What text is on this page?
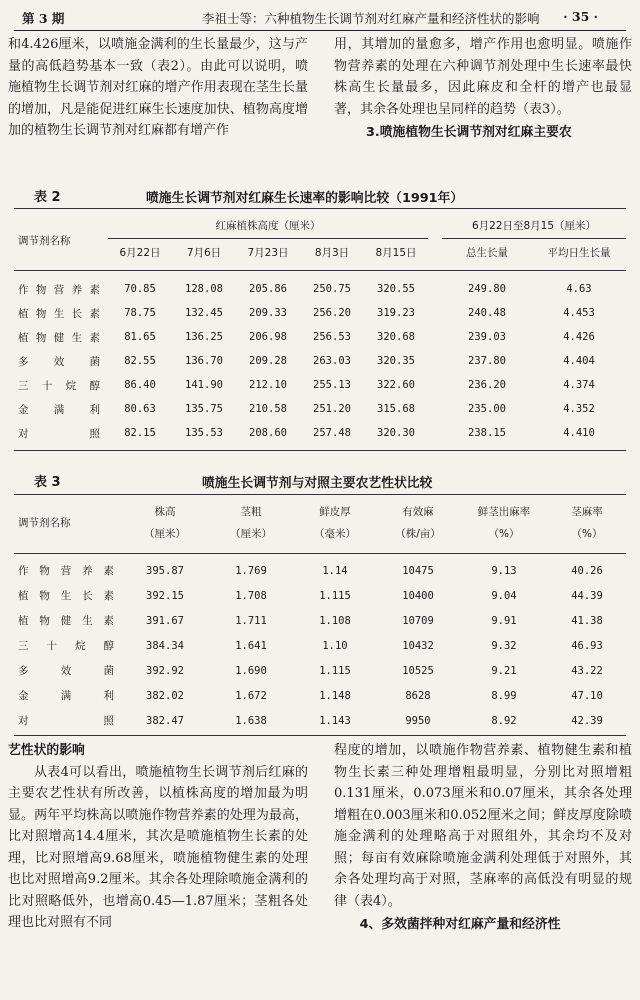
第 3 期	李祖士等：六种植物生长调节剂对红麻产量和经济性状的影响 · 35 ·

和4.426厘米，以喷施金满利的生长量最少，这与产量的高低趋势基本一致（表2）。由此可以说明，喷施植物生长调节剂对红麻的增产作用表现在茎生长量的增加，凡是能促进红麻生长速度加快、植物高度增加的植物生长调节剂对红麻都有增产作

用，其增加的量愈多，增产作用也愈明显。喷施作物营养素的处理在六种调节剂处理中生长速率最快株高生长量最多，因此麻皮和全杆的增产也最显著，其余各处理也呈同样的趋势（表3）。

3.喷施植物生长调节剂对红麻主要农

表 2	喷施生长调节剂对红麻生长速率的影响比较（1991年）
调节剂名称	红麻植株高度（厘米）						6月22日至8月15（厘米）	
	6月22日	7月6日	7月23日	8月3日	8月15日		总生长量	平均日生长量
作物营养素	70.85	128.08	205.86	250.75	320.55		249.80	4.63
植物生长素	78.75	132.45	209.33	256.20	319.23		240.48	4.453
植物健生素	81.65	136.25	206.98	256.53	320.68		239.03	4.426
多效菌	82.55	136.70	209.28	263.03	320.35		237.80	4.404
三十烷醇	86.40	141.90	212.10	255.13	322.60		236.20	4.374
金满利	80.63	135.75	210.58	251.20	315.68		235.00	4.352
对照	82.15	135.53	208.60	257.48	320.30		238.15	4.410
表 3	喷施生长调节剂与对照主要农艺性状比较
调节剂名称	株高	茎粗	鲜皮厚	有效麻	鲜茎出麻率	茎麻率
	（厘米）	（厘米）	（毫米）	（株/亩）	（%）	（%）
作物营养素	395.87	1.769	1.14	10475	9.13	40.26
植物生长素	392.15	1.708	1.115	10400	9.04	44.39
植物健生素	391.67	1.711	1.108	10709	9.91	41.38
三十烷醇	384.34	1.641	1.10	10432	9.32	46.93
多效菌	392.92	1.690	1.115	10525	9.21	43.22
金满利	382.02	1.672	1.148	8628	8.99	47.10
对照	382.47	1.638	1.143	9950	8.92	42.39

艺性状的影响

从表4可以看出，喷施植物生长调节剂后红麻的主要农艺性状有所改善，以植株高度的增加最为明显。两年平均株高以喷施作物营养素的处理为最高，比对照增高14.4厘米，其次是喷施植物生长素的处理，比对照增高9.68厘米，喷施植物健生素的处理也比对照增高9.2厘米。其余各处理除喷施金满利的比对照略低外，也增高0.45—1.87厘米；茎粗各处理也比对照有不同

程度的增加，以喷施作物营养素、植物健生素和植物生长素三种处理增粗最明显，分别比对照增粗0.131厘米，0.073厘米和0.07厘米，其余各处理增粗在0.003厘米和0.052厘米之间；鲜皮厚度除喷施金满利的处理略高于对照组外，其余均不及对照；每亩有效麻除喷施金满利处理低于对照外，其余各处理均高于对照，茎麻率的高低没有明显的规律（表4）。

4、多效菌拌种对红麻产量和经济性
